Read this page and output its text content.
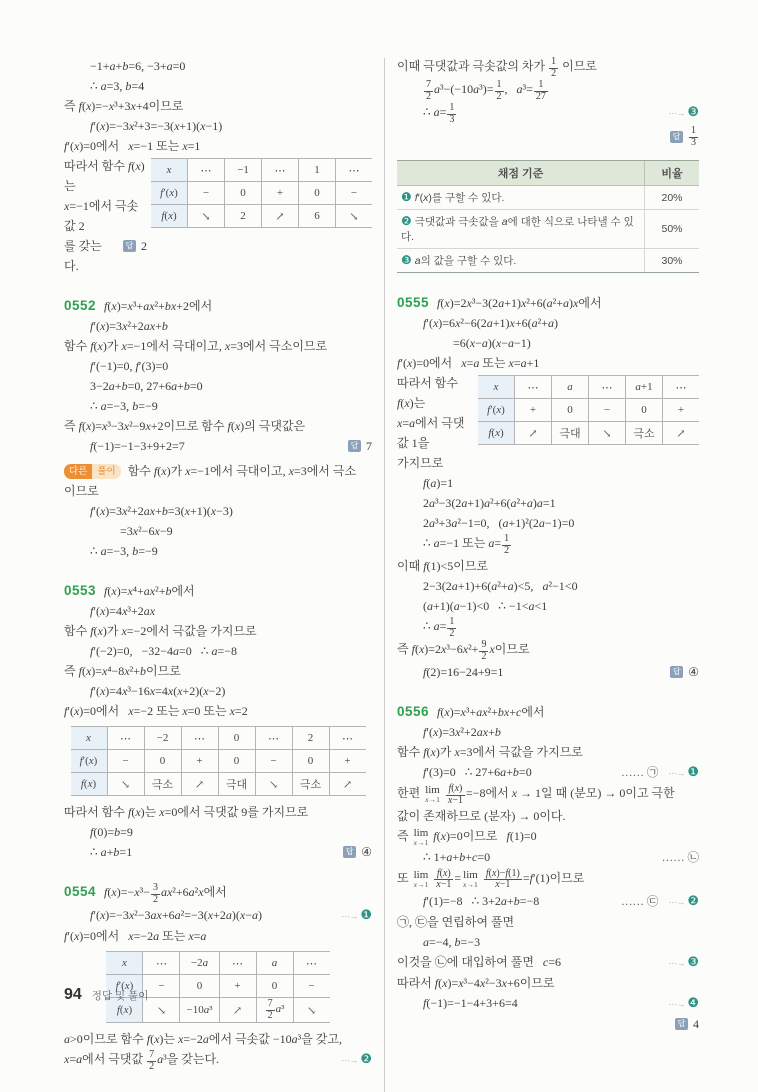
−1+a+b=6, −3+a=0
∴ a=3, b=4
즉 f(x)=−x³+3x+4이므로
f′(x)=−3x²+3=−3(x+1)(x−1)
f′(x)=0에서   x=−1 또는 x=1
따라서 함수 f(x)는
x=−1에서 극솟값 2
를 갖는다.
답 2
x	⋯	−1	⋯	1	⋯
f′(x)	−	0	+	0	−
f(x)	↘	2	↗	6	↘
0552 f(x)=x³+ax²+bx+2에서
f′(x)=3x²+2ax+b
함수 f(x)가 x=−1에서 극대이고, x=3에서 극소이므로
f′(−1)=0, f′(3)=0
3−2a+b=0, 27+6a+b=0
∴ a=−3, b=−9
즉 f(x)=x³−3x²−9x+2이므로 함수 f(x)의 극댓값은
f(−1)=−1−3+9+2=7	답 7
다른	풀이	함수 f(x)가 x=−1에서 극대이고, x=3에서 극소
이므로
f′(x)=3x²+2ax+b=3(x+1)(x−3)
=3x²−6x−9
∴ a=−3, b=−9
0553 f(x)=x⁴+ax²+b에서
f′(x)=4x³+2ax
함수 f(x)가 x=−2에서 극값을 가지므로
f′(−2)=0,   −32−4a=0   ∴ a=−8
즉 f(x)=x⁴−8x²+b이므로
f′(x)=4x³−16x=4x(x+2)(x−2)
f′(x)=0에서   x=−2 또는 x=0 또는 x=2
x	⋯	−2	⋯	0	⋯	2	⋯
f′(x)	−	0	+	0	−	0	+
f(x)	↘	극소	↗	극대	↘	극소	↗
따라서 함수 f(x)는 x=0에서 극댓값 9를 가지므로
f(0)=b=9
∴ a+b=1	답 ④
0554 $f(x)=-x^3- \frac{3}{2} ax^2+6a^2x$에서
f′(x)=−3x²−3ax+6a²=−3(x+2a)(x−a)	⋯→ ❶
f′(x)=0에서   x=−2a 또는 x=a
x	⋯	−2a	⋯	a	⋯
f′(x)	−	0	+	0	−
f(x)	↘	−10a³	↗	$\frac{7}{2} a^3$	↘
a>0이므로 함수 f(x)는 x=−2a에서 극솟값 −10a³을 갖고,
x=a에서 극댓값 $\frac{7}{2} a^3$을 갖는다.	⋯→ ❷
이때 극댓값과 극솟값의 차가 $\frac{1}{2}$ 이므로
$\frac{7}{2} a^3-(-10a^3)= \frac{1}{2}$ ,   $a^3= \frac{1}{27}$
∴ $a= \frac{1}{3}$	⋯→ ❸
답 $\frac{1}{3}$
채점 기준	비율
❶ f′(x)를 구할 수 있다.	20%
❷ 극댓값과 극솟값을 a에 대한 식으로 나타낼 수 있다.	50%
❸ a의 값을 구할 수 있다.	30%
0555 f(x)=2x³−3(2a+1)x²+6(a²+a)x에서
f′(x)=6x²−6(2a+1)x+6(a²+a)
=6(x−a)(x−a−1)
f′(x)=0에서   x=a 또는 x=a+1
따라서 함수 f(x)는
x=a에서 극댓값 1을
가지므로
f(a)=1
x	⋯	a	⋯	a+1	⋯
f′(x)	+	0	−	0	+
f(x)	↗	극대	↘	극소	↗
2a³−3(2a+1)a²+6(a²+a)a=1
2a³+3a²−1=0,   (a+1)²(2a−1)=0
∴ a=−1 또는 $a= \frac{1}{2}$
이때 f(1)<5이므로
2−3(2a+1)+6(a²+a)<5,   a²−1<0
(a+1)(a−1)<0   ∴ −1<a<1
∴ $a= \frac{1}{2}$
즉 $f(x)=2x^3-6x^2+ \frac{9}{2}$ x이므로
f(2)=16−24+9=1	답 ④
0556 f(x)=x³+ax²+bx+c에서
f′(x)=3x²+2ax+b
함수 f(x)가 x=3에서 극값을 가지므로
f′(3)=0   ∴ 27+6a+b=0	…… ㉠ ⋯→ ❶
한편 lim
x→1
$\frac{f(x)}{x-1} =-8$에서 x → 1일 때 (분모) → 0이고 극한
값이 존재하므로 (분자) → 0이다.
즉 lim
x→1 f(x)=0이므로   f(1)=0
∴ 1+a+b+c=0	…… ㉡
또 lim
x→1
$\frac{f(x)}{x-1} = \lim$
x→1
$\frac{f(x)-f(1)}{x-1} =f'(1)$이므로
f′(1)=−8   ∴ 3+2a+b=−8	…… ㉢ ⋯→ ❷
㉠, ㉢을 연립하여 풀면
a=−4, b=−3
이것을 ㉡에 대입하여 풀면   c=6	⋯→ ❸
따라서 f(x)=x³−4x²−3x+6이므로
f(−1)=−1−4+3+6=4	⋯→ ❹
답 4
94 정답 및 풀이
